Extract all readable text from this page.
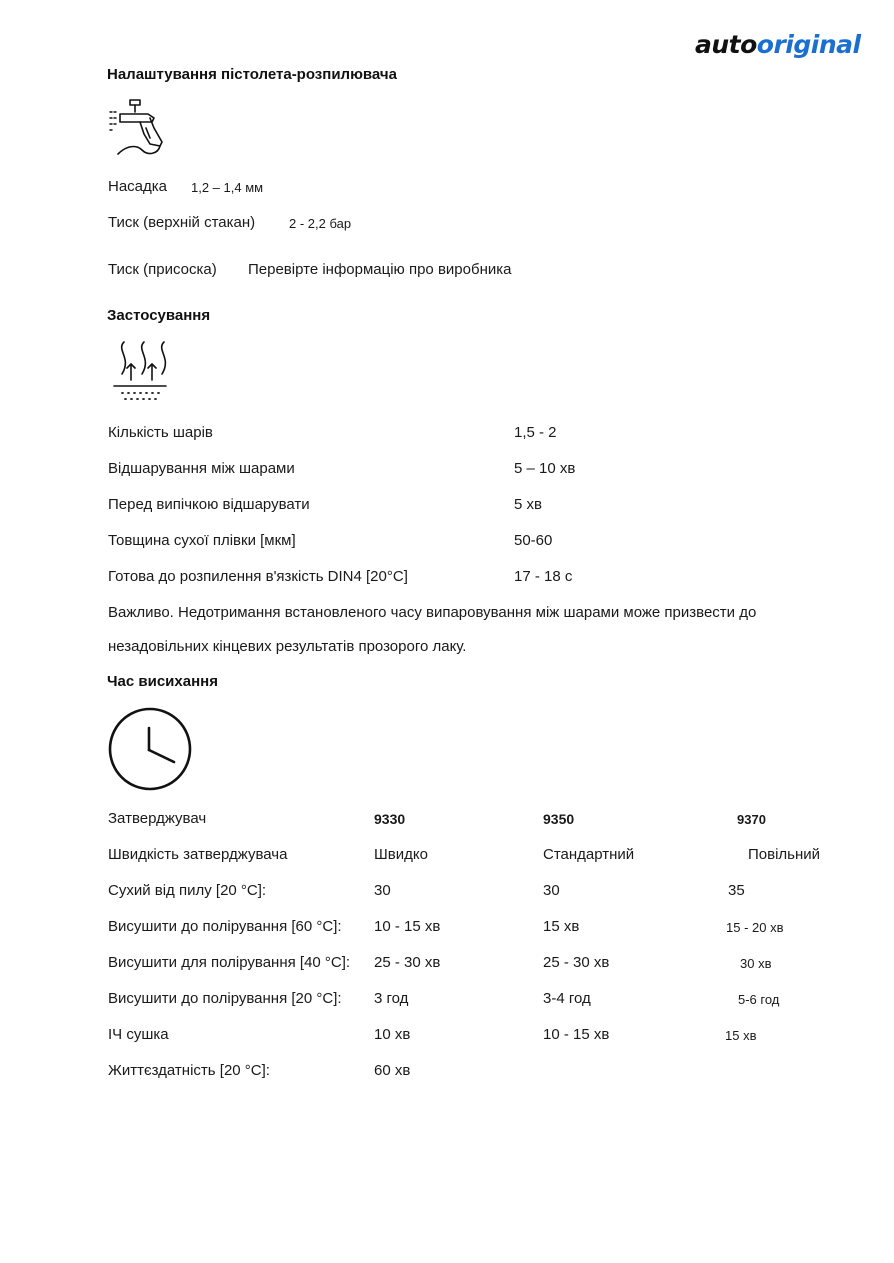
autooriginal
Налаштування пістолета-розпилювача
Насадка 1,2 – 1,4 мм
Тиск (верхній стакан)	2 - 2,2 бар
Тиск (присоска) Перевірте інформацію про виробника
Застосування
Кількість шарів	1,5 - 2
Відшарування між шарами	5 – 10 хв
Перед випічкою відшарувати	5 хв
Товщина сухої плівки [мкм]	50-60
Готова до розпилення в'язкість DIN4 [20°C]	17 - 18 с
Важливо. Недотримання встановленого часу випаровування між шарами може призвести до
незадовільних кінцевих результатів прозорого лаку.
Час висихання
Затверджувач	9330	9350	9370
Швидкість затверджувача	Швидко	Стандартний	Повільний
Сухий від пилу [20 °C]:	30	30	35
Висушити до полірування [60 °C]: 10 - 15 хв	15 хв	15 - 20 хв
Висушити для полірування [40 °C]: 25 - 30 хв	25 - 30 хв	30 хв
Висушити до полірування [20 °C]: 3 год	3-4 год	5-6 год
ІЧ сушка	10 хв	10 - 15 хв	15 хв
Життєздатність [20 °C]:	60 хв
